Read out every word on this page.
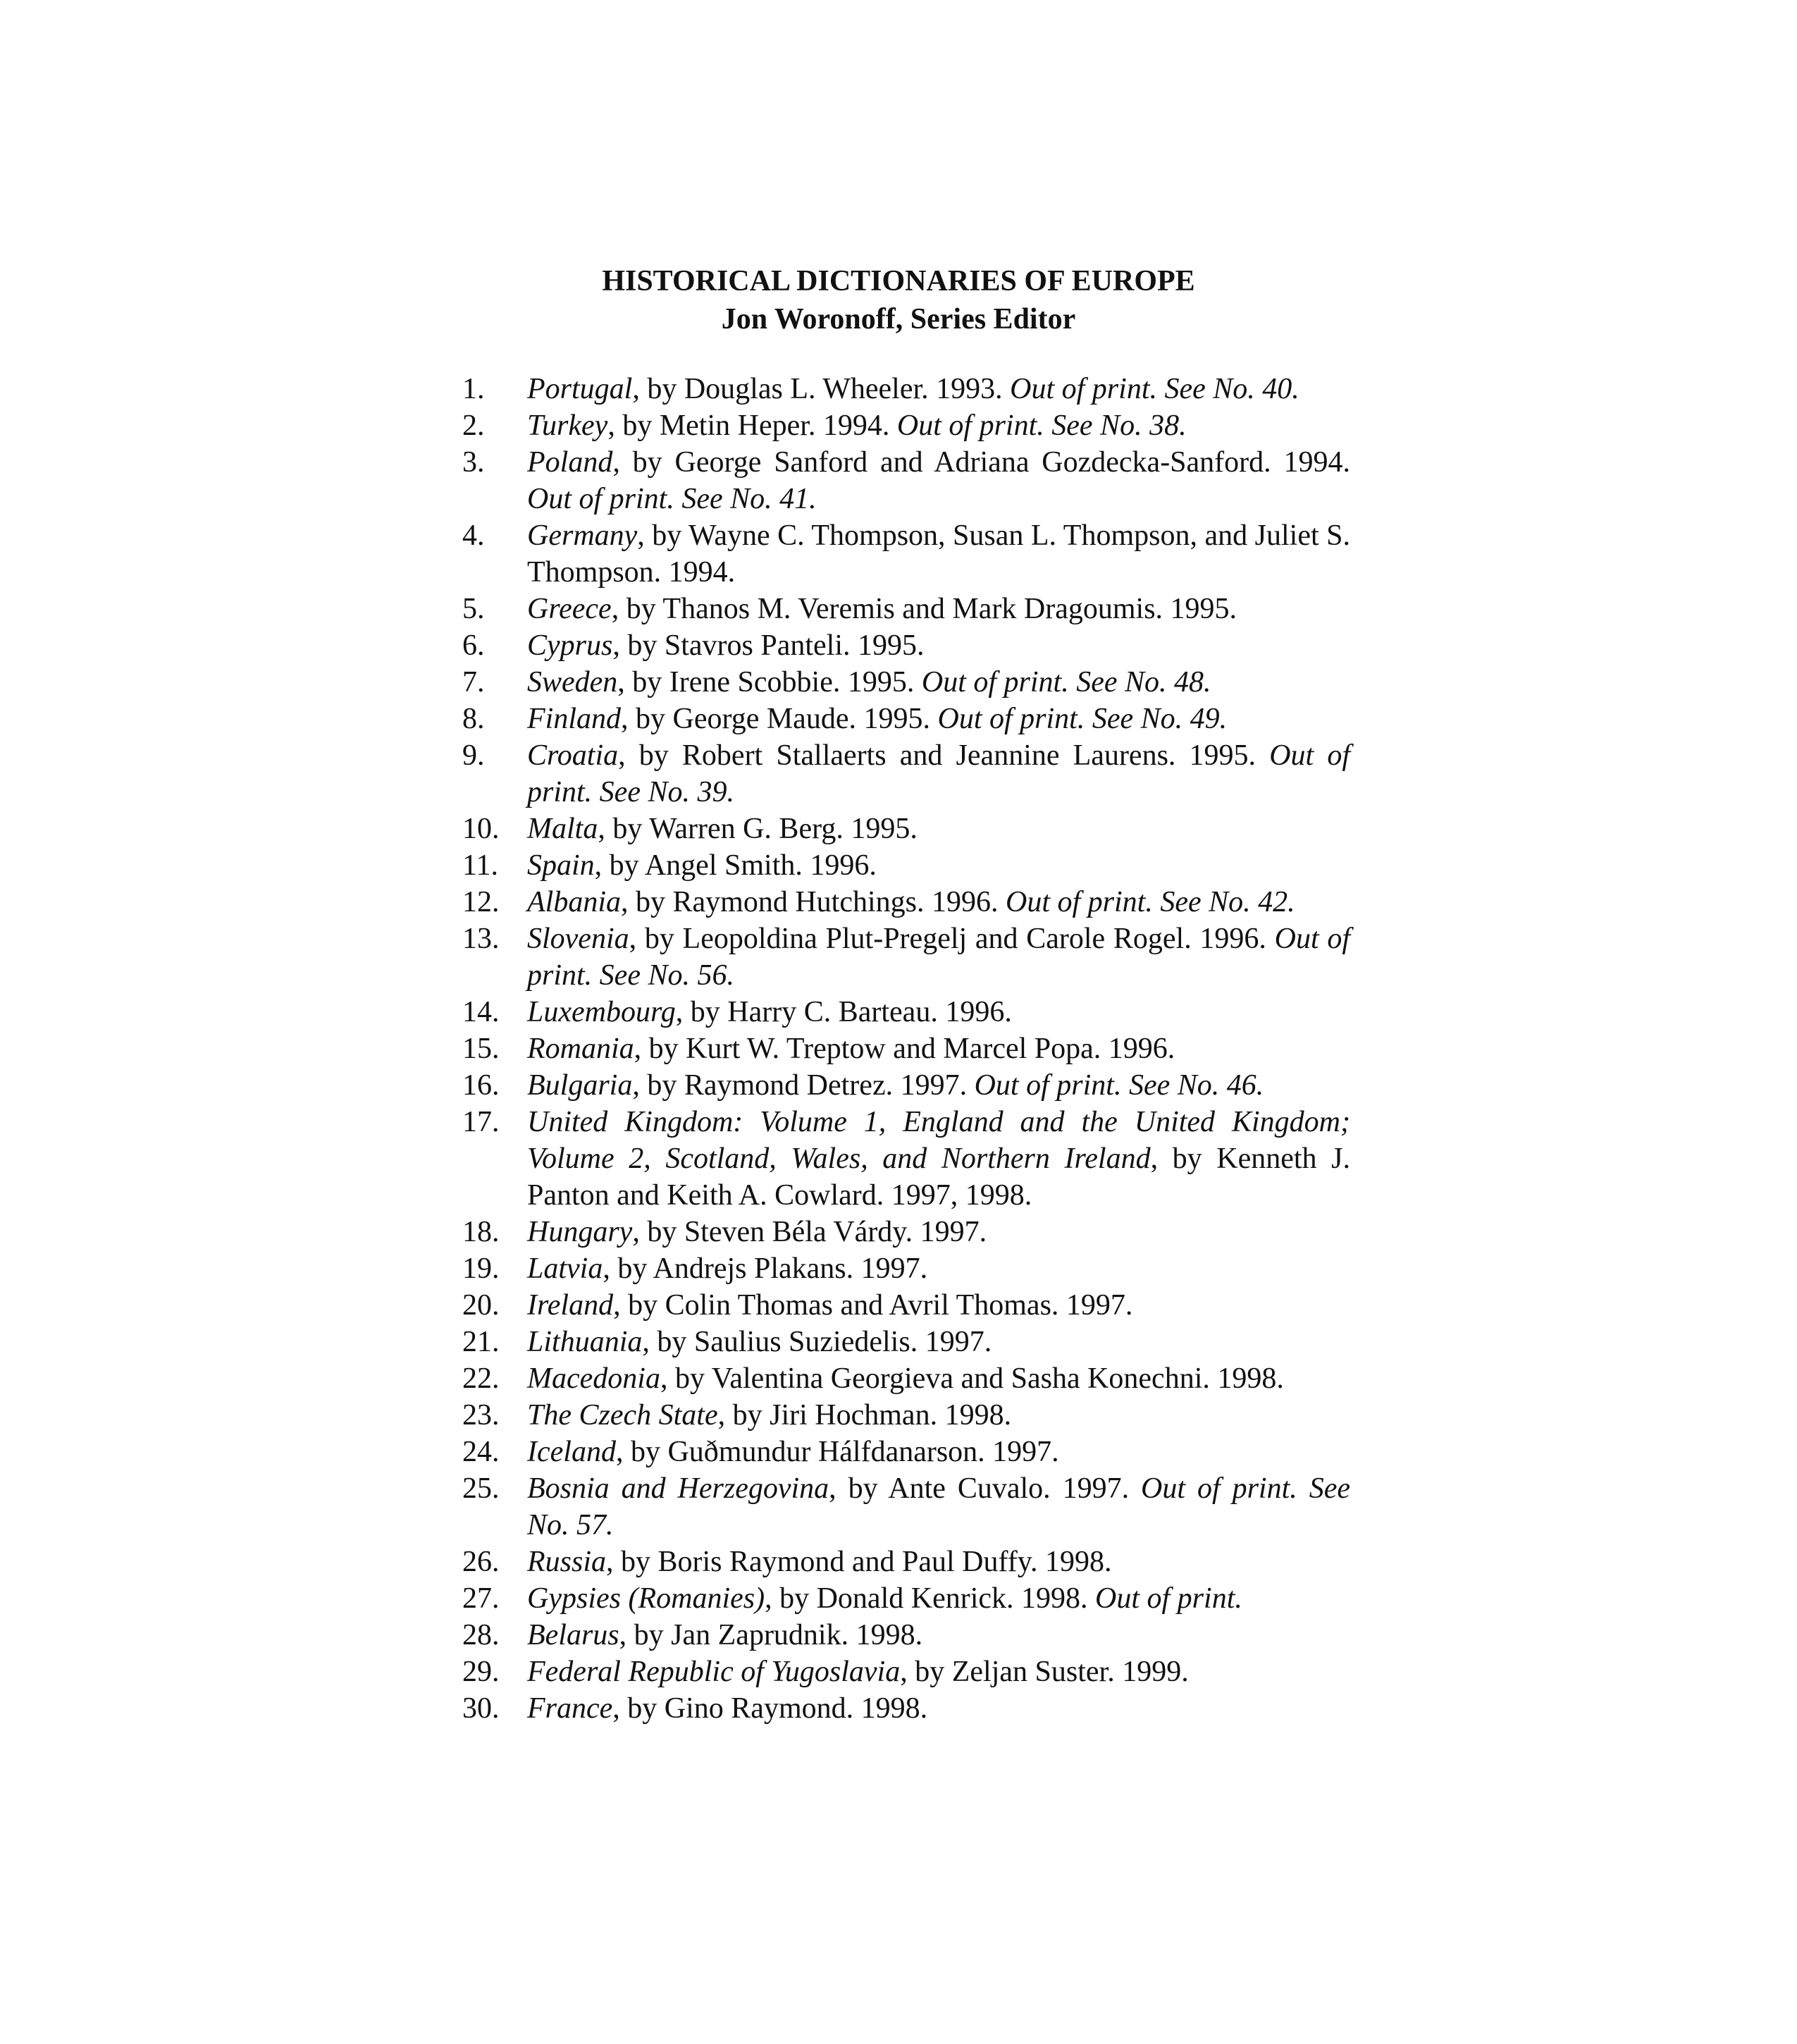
HISTORICAL DICTIONARIES OF EUROPE
Jon Woronoff, Series Editor
1.	Portugal, by Douglas L. Wheeler. 1993. Out of print. See No. 40.
2.	Turkey, by Metin Heper. 1994. Out of print. See No. 38.
3.	Poland, by George Sanford and Adriana Gozdecka-Sanford. 1994. Out of print. See No. 41.
4.	Germany, by Wayne C. Thompson, Susan L. Thompson, and Juliet S. Thompson. 1994.
5.	Greece, by Thanos M. Veremis and Mark Dragoumis. 1995.
6.	Cyprus, by Stavros Panteli. 1995.
7.	Sweden, by Irene Scobbie. 1995. Out of print. See No. 48.
8.	Finland, by George Maude. 1995. Out of print. See No. 49.
9.	Croatia, by Robert Stallaerts and Jeannine Laurens. 1995. Out of print. See No. 39.
10. Malta, by Warren G. Berg. 1995.
11. Spain, by Angel Smith. 1996.
12. Albania, by Raymond Hutchings. 1996. Out of print. See No. 42.
13. Slovenia, by Leopoldina Plut-Pregelj and Carole Rogel. 1996. Out of print. See No. 56.
14. Luxembourg, by Harry C. Barteau. 1996.
15. Romania, by Kurt W. Treptow and Marcel Popa. 1996.
16. Bulgaria, by Raymond Detrez. 1997. Out of print. See No. 46.
17. United Kingdom: Volume 1, England and the United Kingdom; Volume 2, Scotland, Wales, and Northern Ireland, by Kenneth J. Panton and Keith A. Cowlard. 1997, 1998.
18. Hungary, by Steven Béla Várdy. 1997.
19. Latvia, by Andrejs Plakans. 1997.
20. Ireland, by Colin Thomas and Avril Thomas. 1997.
21. Lithuania, by Saulius Suziedelis. 1997.
22. Macedonia, by Valentina Georgieva and Sasha Konechni. 1998.
23. The Czech State, by Jiri Hochman. 1998.
24. Iceland, by Guðmundur Hálfdanarson. 1997.
25. Bosnia and Herzegovina, by Ante Cuvalo. 1997. Out of print. See No. 57.
26. Russia, by Boris Raymond and Paul Duffy. 1998.
27. Gypsies (Romanies), by Donald Kenrick. 1998. Out of print.
28. Belarus, by Jan Zaprudnik. 1998.
29. Federal Republic of Yugoslavia, by Zeljan Suster. 1999.
30. France, by Gino Raymond. 1998.
